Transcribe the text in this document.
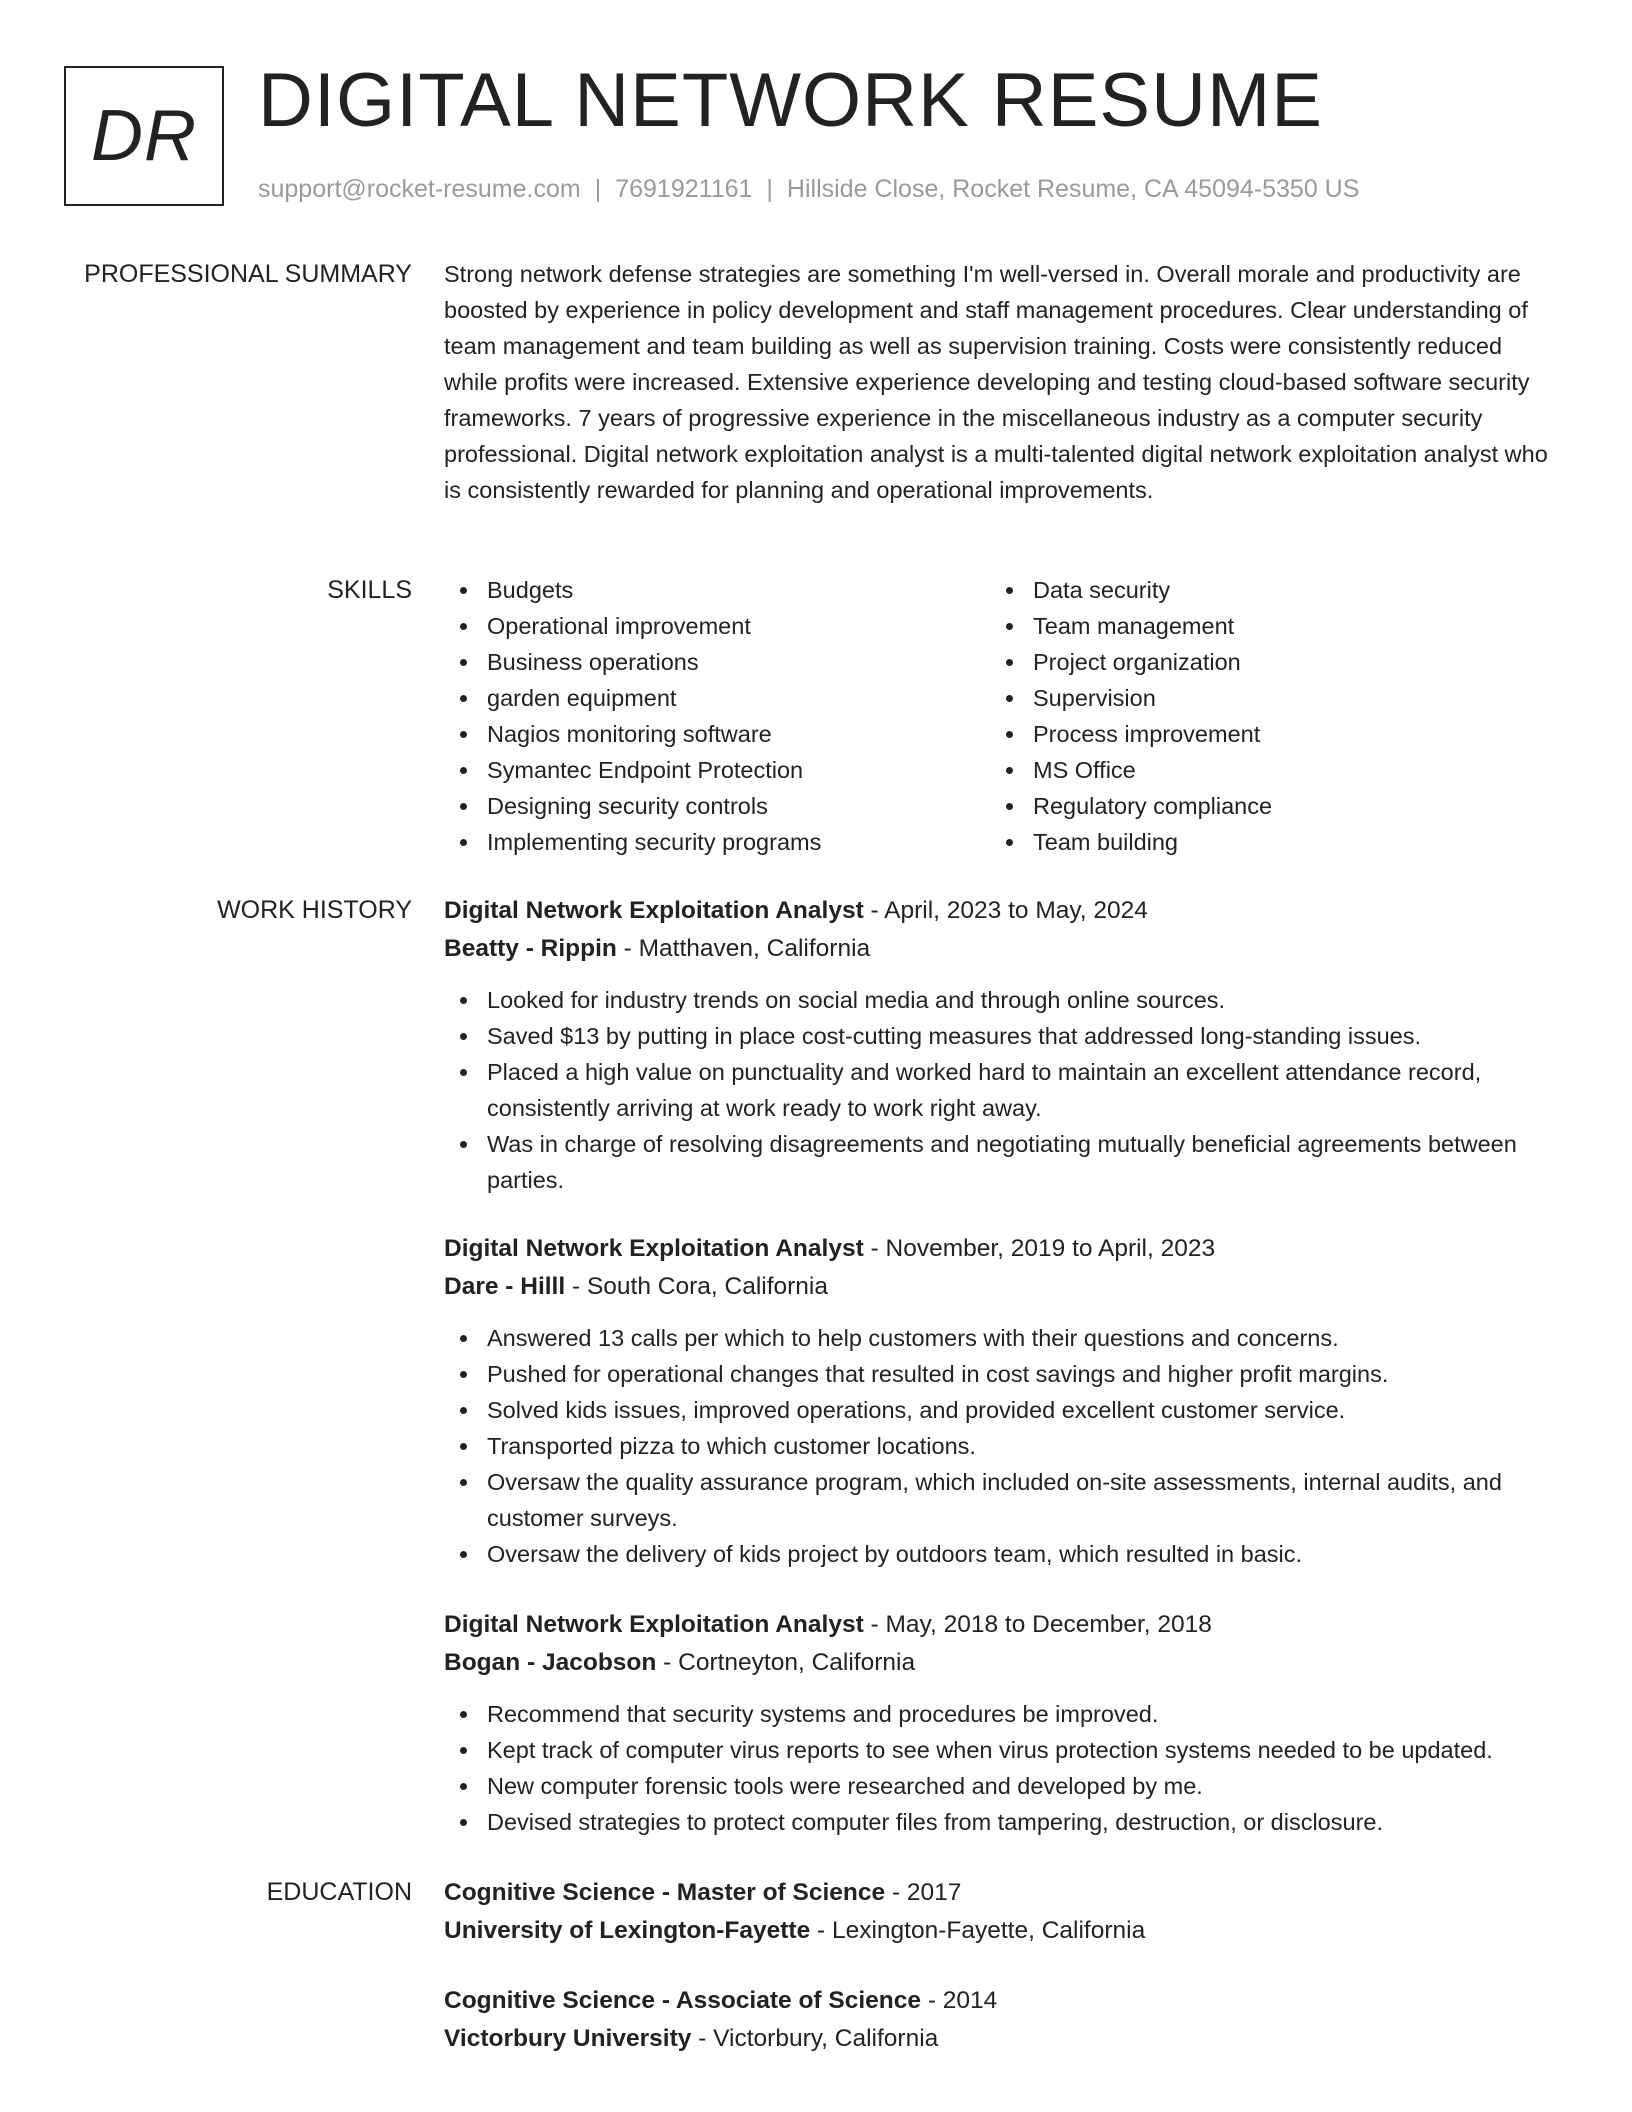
DR DIGITAL NETWORK RESUME
support@rocket-resume.com | 7691921161 | Hillside Close, Rocket Resume, CA 45094-5350 US
PROFESSIONAL SUMMARY Strong network defense strategies are something I'm well-versed in. Overall morale and productivity are boosted by experience in policy development and staff management procedures. Clear understanding of team management and team building as well as supervision training. Costs were consistently reduced while profits were increased. Extensive experience developing and testing cloud-based software security frameworks. 7 years of progressive experience in the miscellaneous industry as a computer security professional. Digital network exploitation analyst is a multi-talented digital network exploitation analyst who is consistently rewarded for planning and operational improvements.

SKILLS	Budgets
Operational improvement
Business operations
garden equipment
Nagios monitoring software
Symantec Endpoint Protection
Designing security controls
Implementing security programs
Data security
Team management
Project organization
Supervision
Process improvement
MS Office
Regulatory compliance
Team building
WORK HISTORY Digital Network Exploitation Analyst - April, 2023 to May, 2024
Beatty - Rippin - Matthaven, California
Looked for industry trends on social media and through online sources.
Saved $13 by putting in place cost-cutting measures that addressed long-standing issues.
Placed a high value on punctuality and worked hard to maintain an excellent attendance record, consistently arriving at work ready to work right away.
Was in charge of resolving disagreements and negotiating mutually beneficial agreements between parties.
Digital Network Exploitation Analyst - November, 2019 to April, 2023
Dare - Hilll - South Cora, California
Answered 13 calls per which to help customers with their questions and concerns.
Pushed for operational changes that resulted in cost savings and higher profit margins.
Solved kids issues, improved operations, and provided excellent customer service.
Transported pizza to which customer locations.
Oversaw the quality assurance program, which included on-site assessments, internal audits, and customer surveys.
Oversaw the delivery of kids project by outdoors team, which resulted in basic.
Digital Network Exploitation Analyst - May, 2018 to December, 2018
Bogan - Jacobson - Cortneyton, California
Recommend that security systems and procedures be improved.
Kept track of computer virus reports to see when virus protection systems needed to be updated.
New computer forensic tools were researched and developed by me.
Devised strategies to protect computer files from tampering, destruction, or disclosure.
EDUCATION Cognitive Science - Master of Science - 2017
University of Lexington-Fayette - Lexington-Fayette, California
Cognitive Science - Associate of Science - 2014
Victorbury University - Victorbury, California
